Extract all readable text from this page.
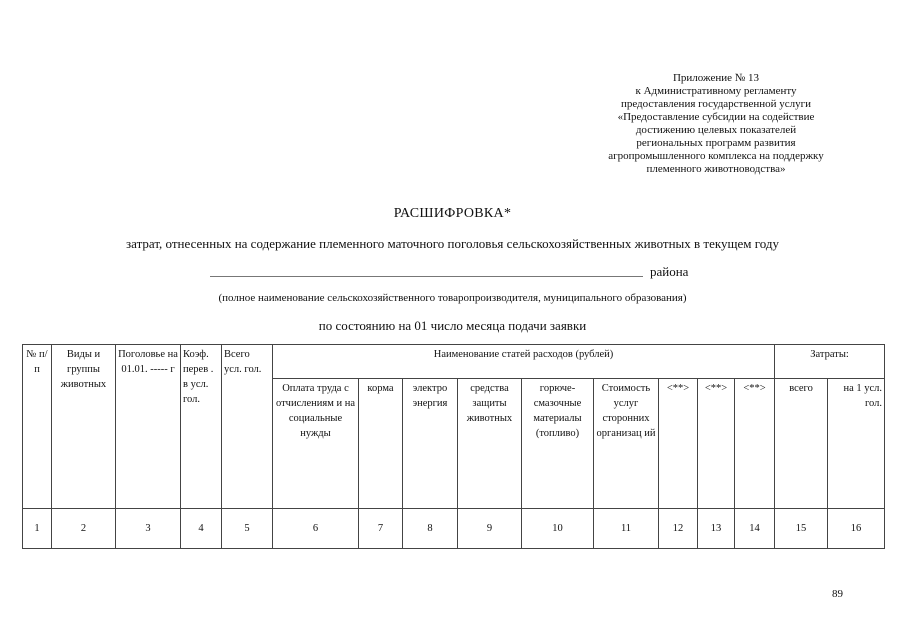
Приложение № 13
к Административному регламенту
предоставления государственной услуги
«Предоставление субсидии на содействие
достижению целевых показателей
региональных программ развития
агропромышленного комплекса на поддержку
племенного животноводства»
РАСШИФРОВКА*
затрат, отнесенных на содержание племенного маточного поголовья сельскохозяйственных животных в текущем году
района
(полное наименование сельскохозяйственного товаропроизводителя, муниципального образования)
по состоянию на 01 число месяца подачи заявки
№ п/п	Виды и группы животных	Поголовье на 01.01. ----- г	Коэф. перев . в усл. гол.	Всего усл. гол.	Наименование статей расходов (рублей)									Затраты:	
					Оплата труда с отчислениям и на социальные нужды	корма	электро энергия	средства защиты животных	горюче-смазочные материалы (топливо)	Стоимость услуг сторонних организац ий	<**>	<**>	<**>	всего	на 1 усл. гол.
1	2	3	4	5	6	7	8	9	10	11	12	13	14	15	16
89
